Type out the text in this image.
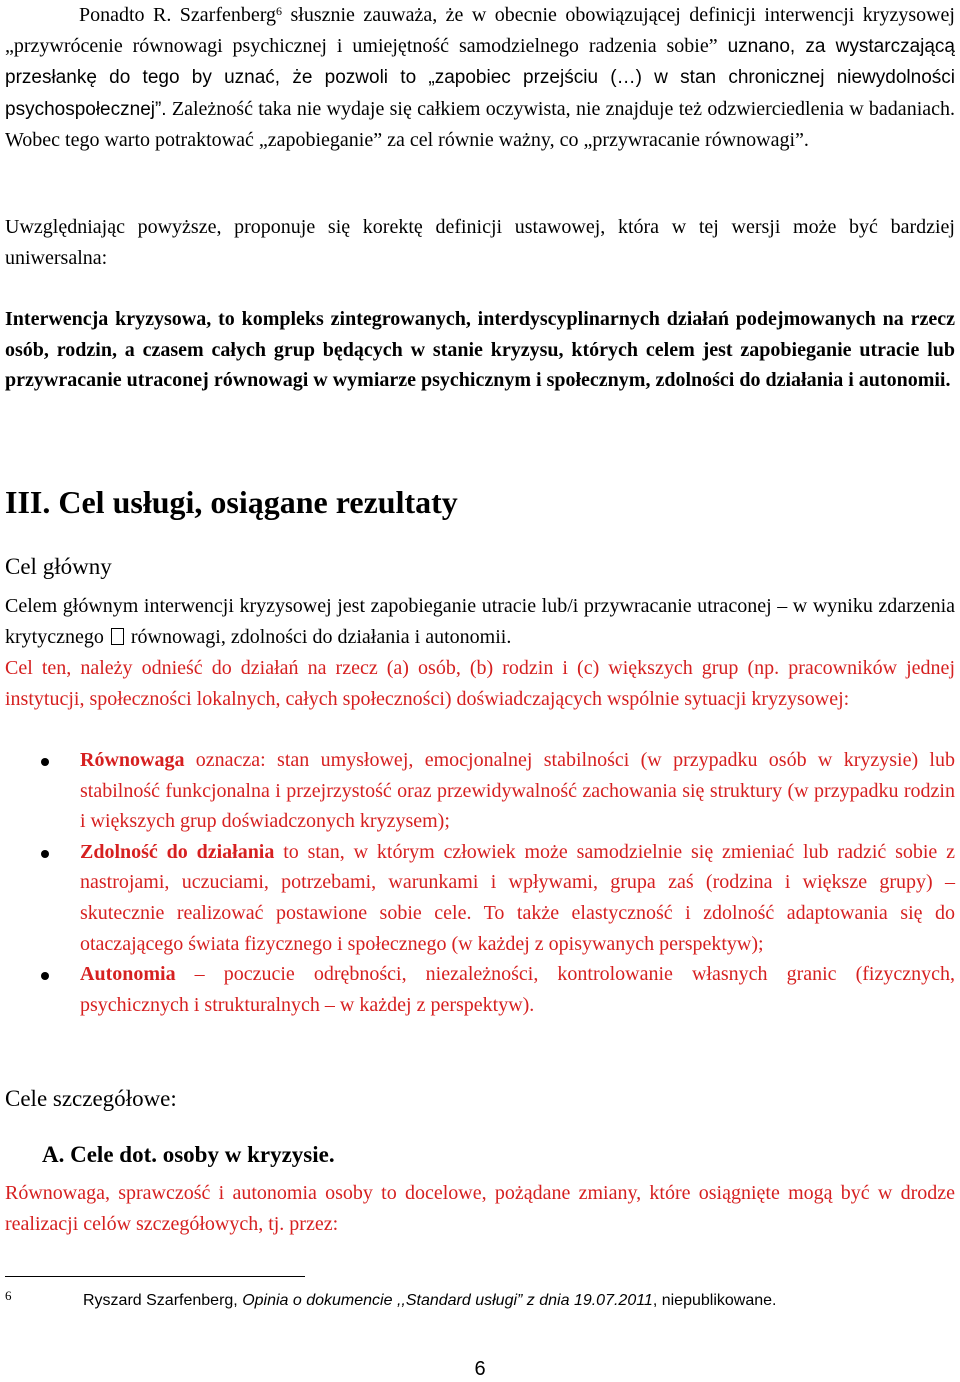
Ponadto R. Szarfenberg$^6$ słusznie zauważa, że w obecnie obowiązującej definicji interwencji kryzysowej „przywrócenie równowagi psychicznej i umiejętność samodzielnego radzenia sobie” uznano, za wystarczającą przesłankę do tego by uznać, że pozwoli to „zapobiec przejściu (…) w stan chronicznej niewydolności psychospołecznej”. Zależność taka nie wydaje się całkiem oczywista, nie znajduje też odzwierciedlenia w badaniach. Wobec tego warto potraktować „zapobieganie” za cel równie ważny, co „przywracanie równowagi”.

Uwzględniając powyższe, proponuje się korektę definicji ustawowej, która w tej wersji może być bardziej uniwersalna:

Interwencja kryzysowa, to kompleks zintegrowanych, interdyscyplinarnych działań podejmowanych na rzecz osób, rodzin, a czasem całych grup będących w stanie kryzysu, których celem jest zapobieganie utracie lub przywracanie utraconej równowagi w wymiarze psychicznym i społecznym, zdolności do działania i autonomii.

III. Cel usługi, osiągane rezultaty
Cel główny

Celem głównym interwencji kryzysowej jest zapobieganie utracie lub/i przywracanie utraconej – w wyniku zdarzenia krytycznego równowagi, zdolności do działania i autonomii.

Cel ten, należy odnieść do działań na rzecz (a) osób, (b) rodzin i (c) większych grup (np. pracowników jednej instytucji, społeczności lokalnych, całych społeczności) doświadczających wspólnie sytuacji kryzysowej:

Równowaga oznacza: stan umysłowej, emocjonalnej stabilności (w przypadku osób w kryzysie) lub stabilność funkcjonalna i przejrzystość oraz przewidywalność zachowania się struktury (w przypadku rodzin i większych grup doświadczonych kryzysem);
Zdolność do działania to stan, w którym człowiek może samodzielnie się zmieniać lub radzić sobie z nastrojami, uczuciami, potrzebami, warunkami i wpływami, grupa zaś (rodzina i większe grupy) – skutecznie realizować postawione sobie cele. To także elastyczność i zdolność adaptowania się do otaczającego świata fizycznego i społecznego (w każdej z opisywanych perspektyw);
Autonomia – poczucie odrębności, niezależności, kontrolowanie własnych granic (fizycznych, psychicznych i strukturalnych – w każdej z perspektyw).
Cele szczegółowe:
A. Cele dot. osoby w kryzysie.

Równowaga, sprawczość i autonomia osoby to docelowe, pożądane zmiany, które osiągnięte mogą być w drodze realizacji celów szczegółowych, tj. przez:

6	Ryszard Szarfenberg, Opinia o dokumencie ,,Standard usługi” z dnia 19.07.2011, niepublikowane.
6
